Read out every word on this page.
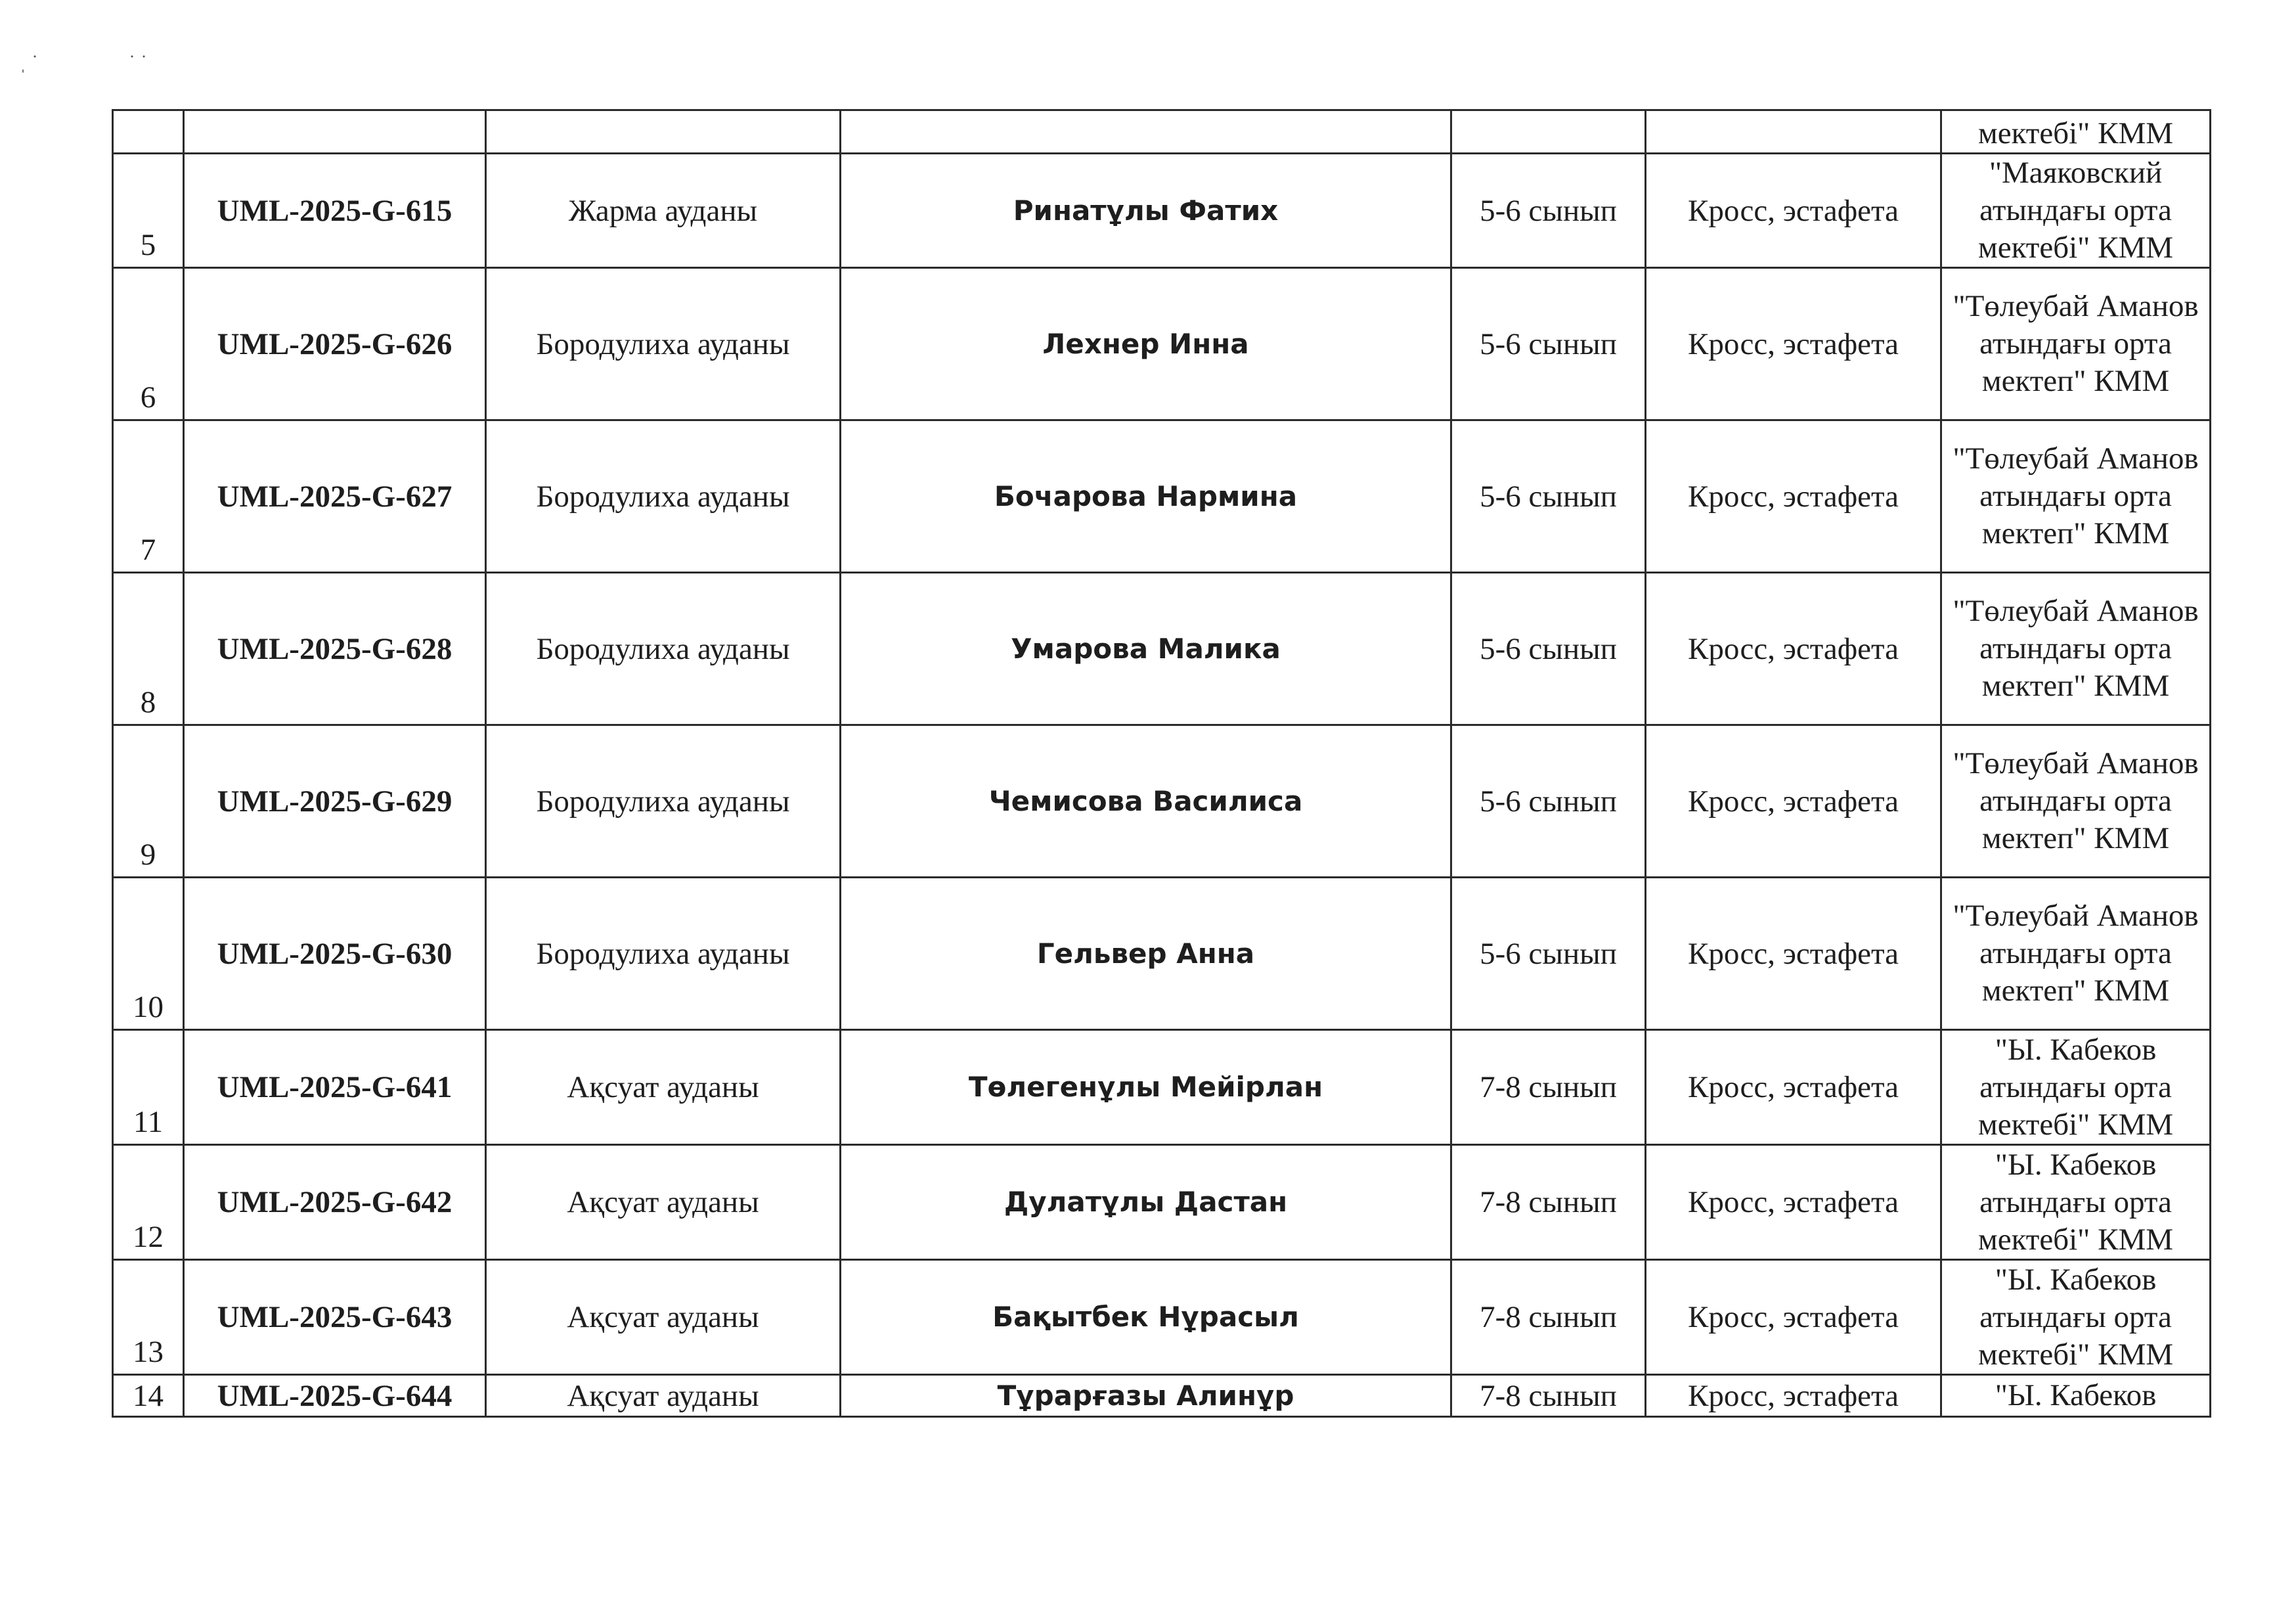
ˌ˙	˙˙
						мектебі" КММ
5	UML-2025-G-615	Жарма ауданы	Ринатұлы Фатих	5-6 сынып	Кросс, эстафета	"Маяковский атындағы орта мектебі" КММ
6	UML-2025-G-626	Бородулиха ауданы	Лехнер Инна	5-6 сынып	Кросс, эстафета	"Төлеубай Аманов атындағы орта мектеп" КММ
7	UML-2025-G-627	Бородулиха ауданы	Бочарова Нармина	5-6 сынып	Кросс, эстафета	"Төлеубай Аманов атындағы орта мектеп" КММ
8	UML-2025-G-628	Бородулиха ауданы	Умарова Малика	5-6 сынып	Кросс, эстафета	"Төлеубай Аманов атындағы орта мектеп" КММ
9	UML-2025-G-629	Бородулиха ауданы	Чемисова Василиса	5-6 сынып	Кросс, эстафета	"Төлеубай Аманов атындағы орта мектеп" КММ
10	UML-2025-G-630	Бородулиха ауданы	Гельвер Анна	5-6 сынып	Кросс, эстафета	"Төлеубай Аманов атындағы орта мектеп" КММ
11	UML-2025-G-641	Ақсуат ауданы	Төлегенұлы Мейірлан	7-8 сынып	Кросс, эстафета	"Ы. Кабеков атындағы орта мектебі" КММ
12	UML-2025-G-642	Ақсуат ауданы	Дулатұлы Дастан	7-8 сынып	Кросс, эстафета	"Ы. Кабеков атындағы орта мектебі" КММ
13	UML-2025-G-643	Ақсуат ауданы	Бақытбек Нұрасыл	7-8 сынып	Кросс, эстафета	"Ы. Кабеков атындағы орта мектебі" КММ
14	UML-2025-G-644	Ақсуат ауданы	Тұрарғазы Алинұр	7-8 сынып	Кросс, эстафета	"Ы. Кабеков
